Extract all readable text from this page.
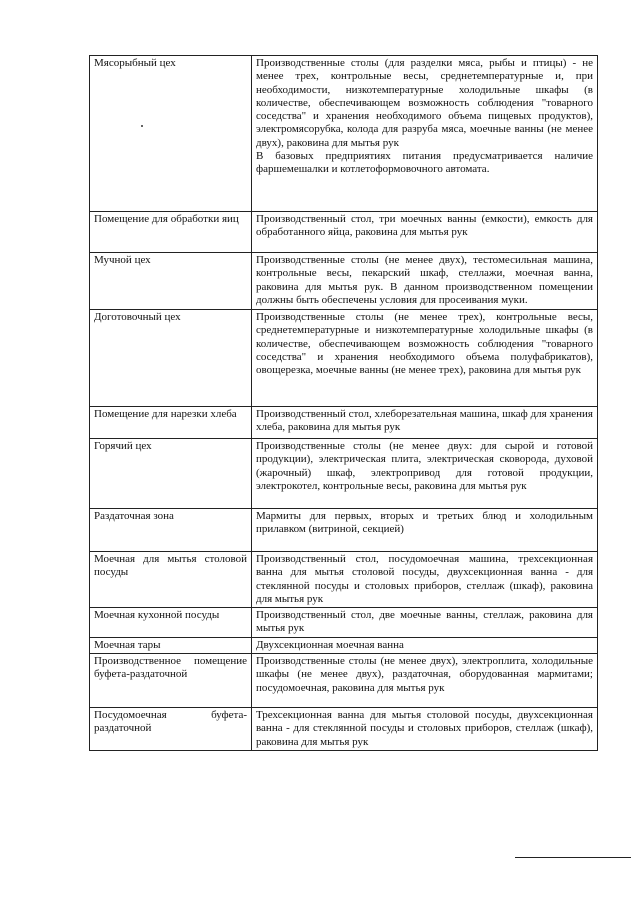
Мясорыбный цех	Производственные столы (для разделки мяса, рыбы и птицы) - не менее трех, контрольные весы, среднетемпературные и, при необходимости, низкотемпературные холодильные шкафы (в количестве, обеспечивающем возможность соблюдения "товарного соседства" и хранения необходимого объема пищевых продуктов), электромясорубка, колода для разруба мяса, моечные ванны (не менее двух), раковина для мытья рук
В базовых предприятиях питания предусматривается наличие фаршемешалки и котлетоформовочного автомата.

Помещение для обработки яиц	Производственный стол, три моечных ванны (емкости), емкость для обработанного яйца, раковина для мытья рук
Мучной цех	Производственные столы (не менее двух), тестомесильная машина, контрольные весы, пекарский шкаф, стеллажи, моечная ванна, раковина для мытья рук. В данном производственном помещении должны быть обеспечены условия для просеивания муки.
Доготовочный цех	Производственные столы (не менее трех), контрольные весы, среднетемпературные и низкотемпературные холодильные шкафы (в количестве, обеспечивающем возможность соблюдения "товарного соседства" и хранения необходимого объема полуфабрикатов), овощерезка, моечные ванны (не менее трех), раковина для мытья рук
Помещение для нарезки хлеба	Производственный стол, хлеборезательная машина, шкаф для хранения хлеба, раковина для мытья рук
Горячий цех	Производственные столы (не менее двух: для сырой и готовой продукции), электрическая плита, электрическая сковорода, духовой (жарочный) шкаф, электропривод для готовой продукции, электрокотел, контрольные весы, раковина для мытья рук
Раздаточная зона	Мармиты для первых, вторых и третьих блюд и холодильным прилавком (витриной, секцией)
Моечная для мытья столовой посуды	Производственный стол, посудомоечная машина, трехсекционная ванна для мытья столовой посуды, двухсекционная ванна - для стеклянной посуды и столовых приборов, стеллаж (шкаф), раковина для мытья рук
Моечная кухонной посуды	Производственный стол, две моечные ванны, стеллаж, раковина для мытья рук
Моечная тары	Двухсекционная моечная ванна
Производственное помещение буфета-раздаточной	Производственные столы (не менее двух), электроплита, холодильные шкафы (не менее двух), раздаточная, оборудованная мармитами; посудомоечная, раковина для мытья рук
Посудомоечная буфета-раздаточной	Трехсекционная ванна для мытья столовой посуды, двухсекционная ванна - для стеклянной посуды и столовых приборов, стеллаж (шкаф), раковина для мытья рук
